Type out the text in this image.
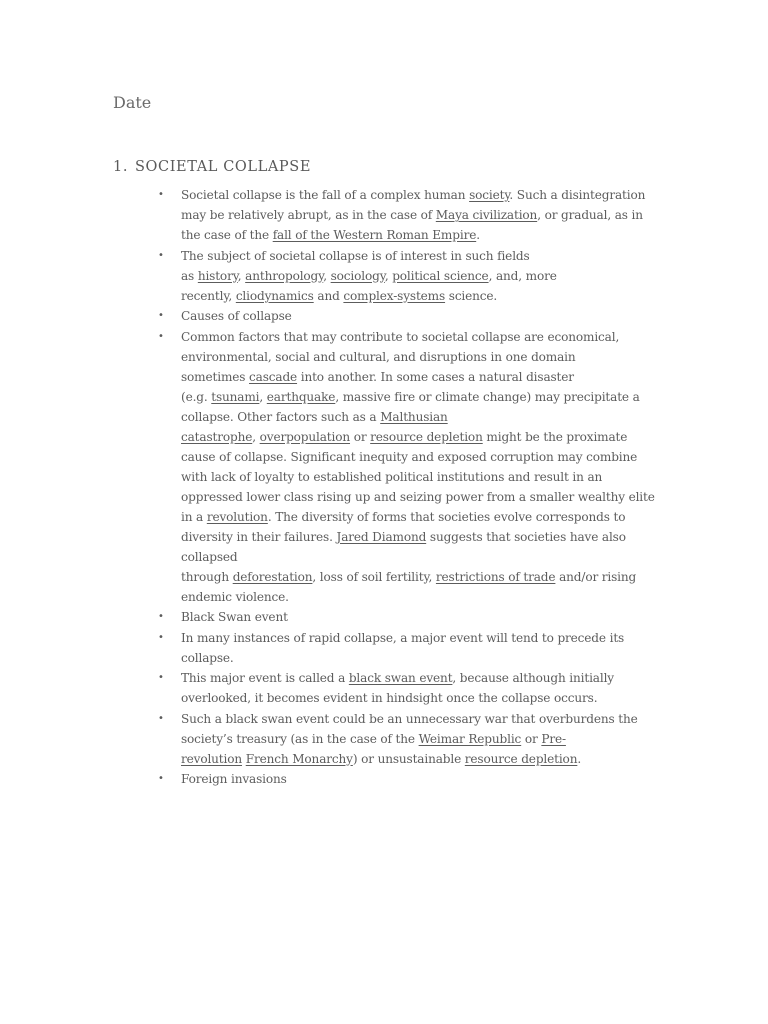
Date
1. SOCIETAL COLLAPSE
• Societal collapse is the fall of a complex human society. Such a disintegration may be relatively abrupt, as in the case of Maya civilization, or gradual, as in the case of the fall of the Western Roman Empire.
• The subject of societal collapse is of interest in such fields
as history, anthropology, sociology, political science, and, more
recently, cliodynamics and complex-systems science.
• Causes of collapse
• Common factors that may contribute to societal collapse are economical, environmental, social and cultural, and disruptions in one domain
sometimes cascade into another. In some cases a natural disaster
(e.g. tsunami, earthquake, massive fire or climate change) may precipitate a collapse. Other factors such as a Malthusian
catastrophe, overpopulation or resource depletion might be the proximate cause of collapse. Significant inequity and exposed corruption may combine with lack of loyalty to established political institutions and result in an oppressed lower class rising up and seizing power from a smaller wealthy elite in a revolution. The diversity of forms that societies evolve corresponds to diversity in their failures. Jared Diamond suggests that societies have also collapsed
through deforestation, loss of soil fertility, restrictions of trade and/or rising endemic violence.
• Black Swan event
• In many instances of rapid collapse, a major event will tend to precede its collapse.
• This major event is called a black swan event, because although initially overlooked, it becomes evident in hindsight once the collapse occurs.
• Such a black swan event could be an unnecessary war that overburdens the society’s treasury (as in the case of the Weimar Republic or Pre-
revolution French Monarchy) or unsustainable resource depletion.
• Foreign invasions
